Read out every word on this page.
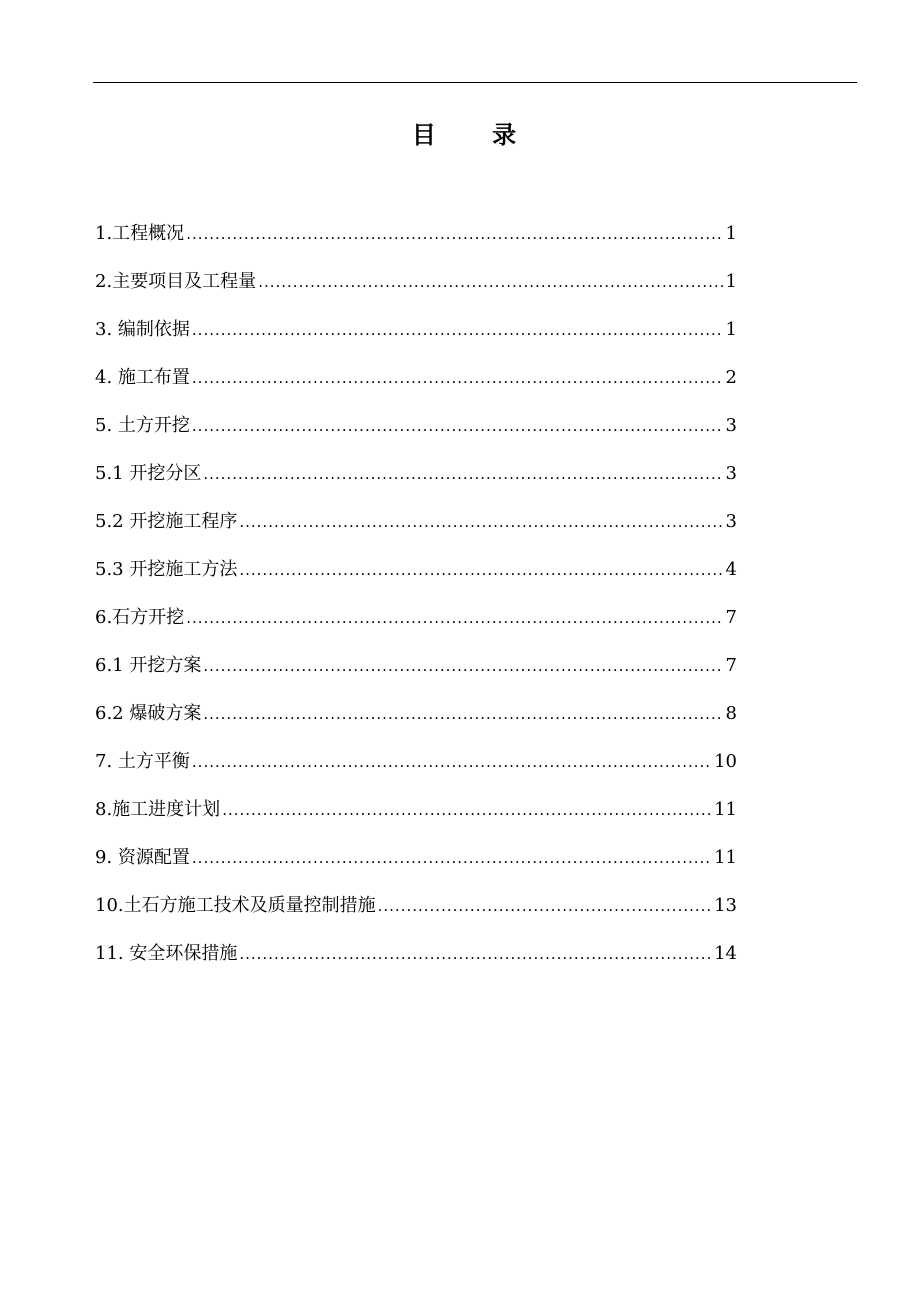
目 录
1.工程概况 .....	1
2.主要项目及工程量 .....	1
3. 编制依据 .....	1
4. 施工布置 .....	2
5. 土方开挖 .....	3
5.1 开挖分区 .....	3
5.2 开挖施工程序 .....	3
5.3 开挖施工方法 .....	4
6.石方开挖 .....	7
6.1 开挖方案 .....	7
6.2 爆破方案 .....	8
7. 土方平衡 .....	10
8.施工进度计划 .....	11
9. 资源配置 .....	11
10.土石方施工技术及质量控制措施 .....	13
11. 安全环保措施 .....	14
